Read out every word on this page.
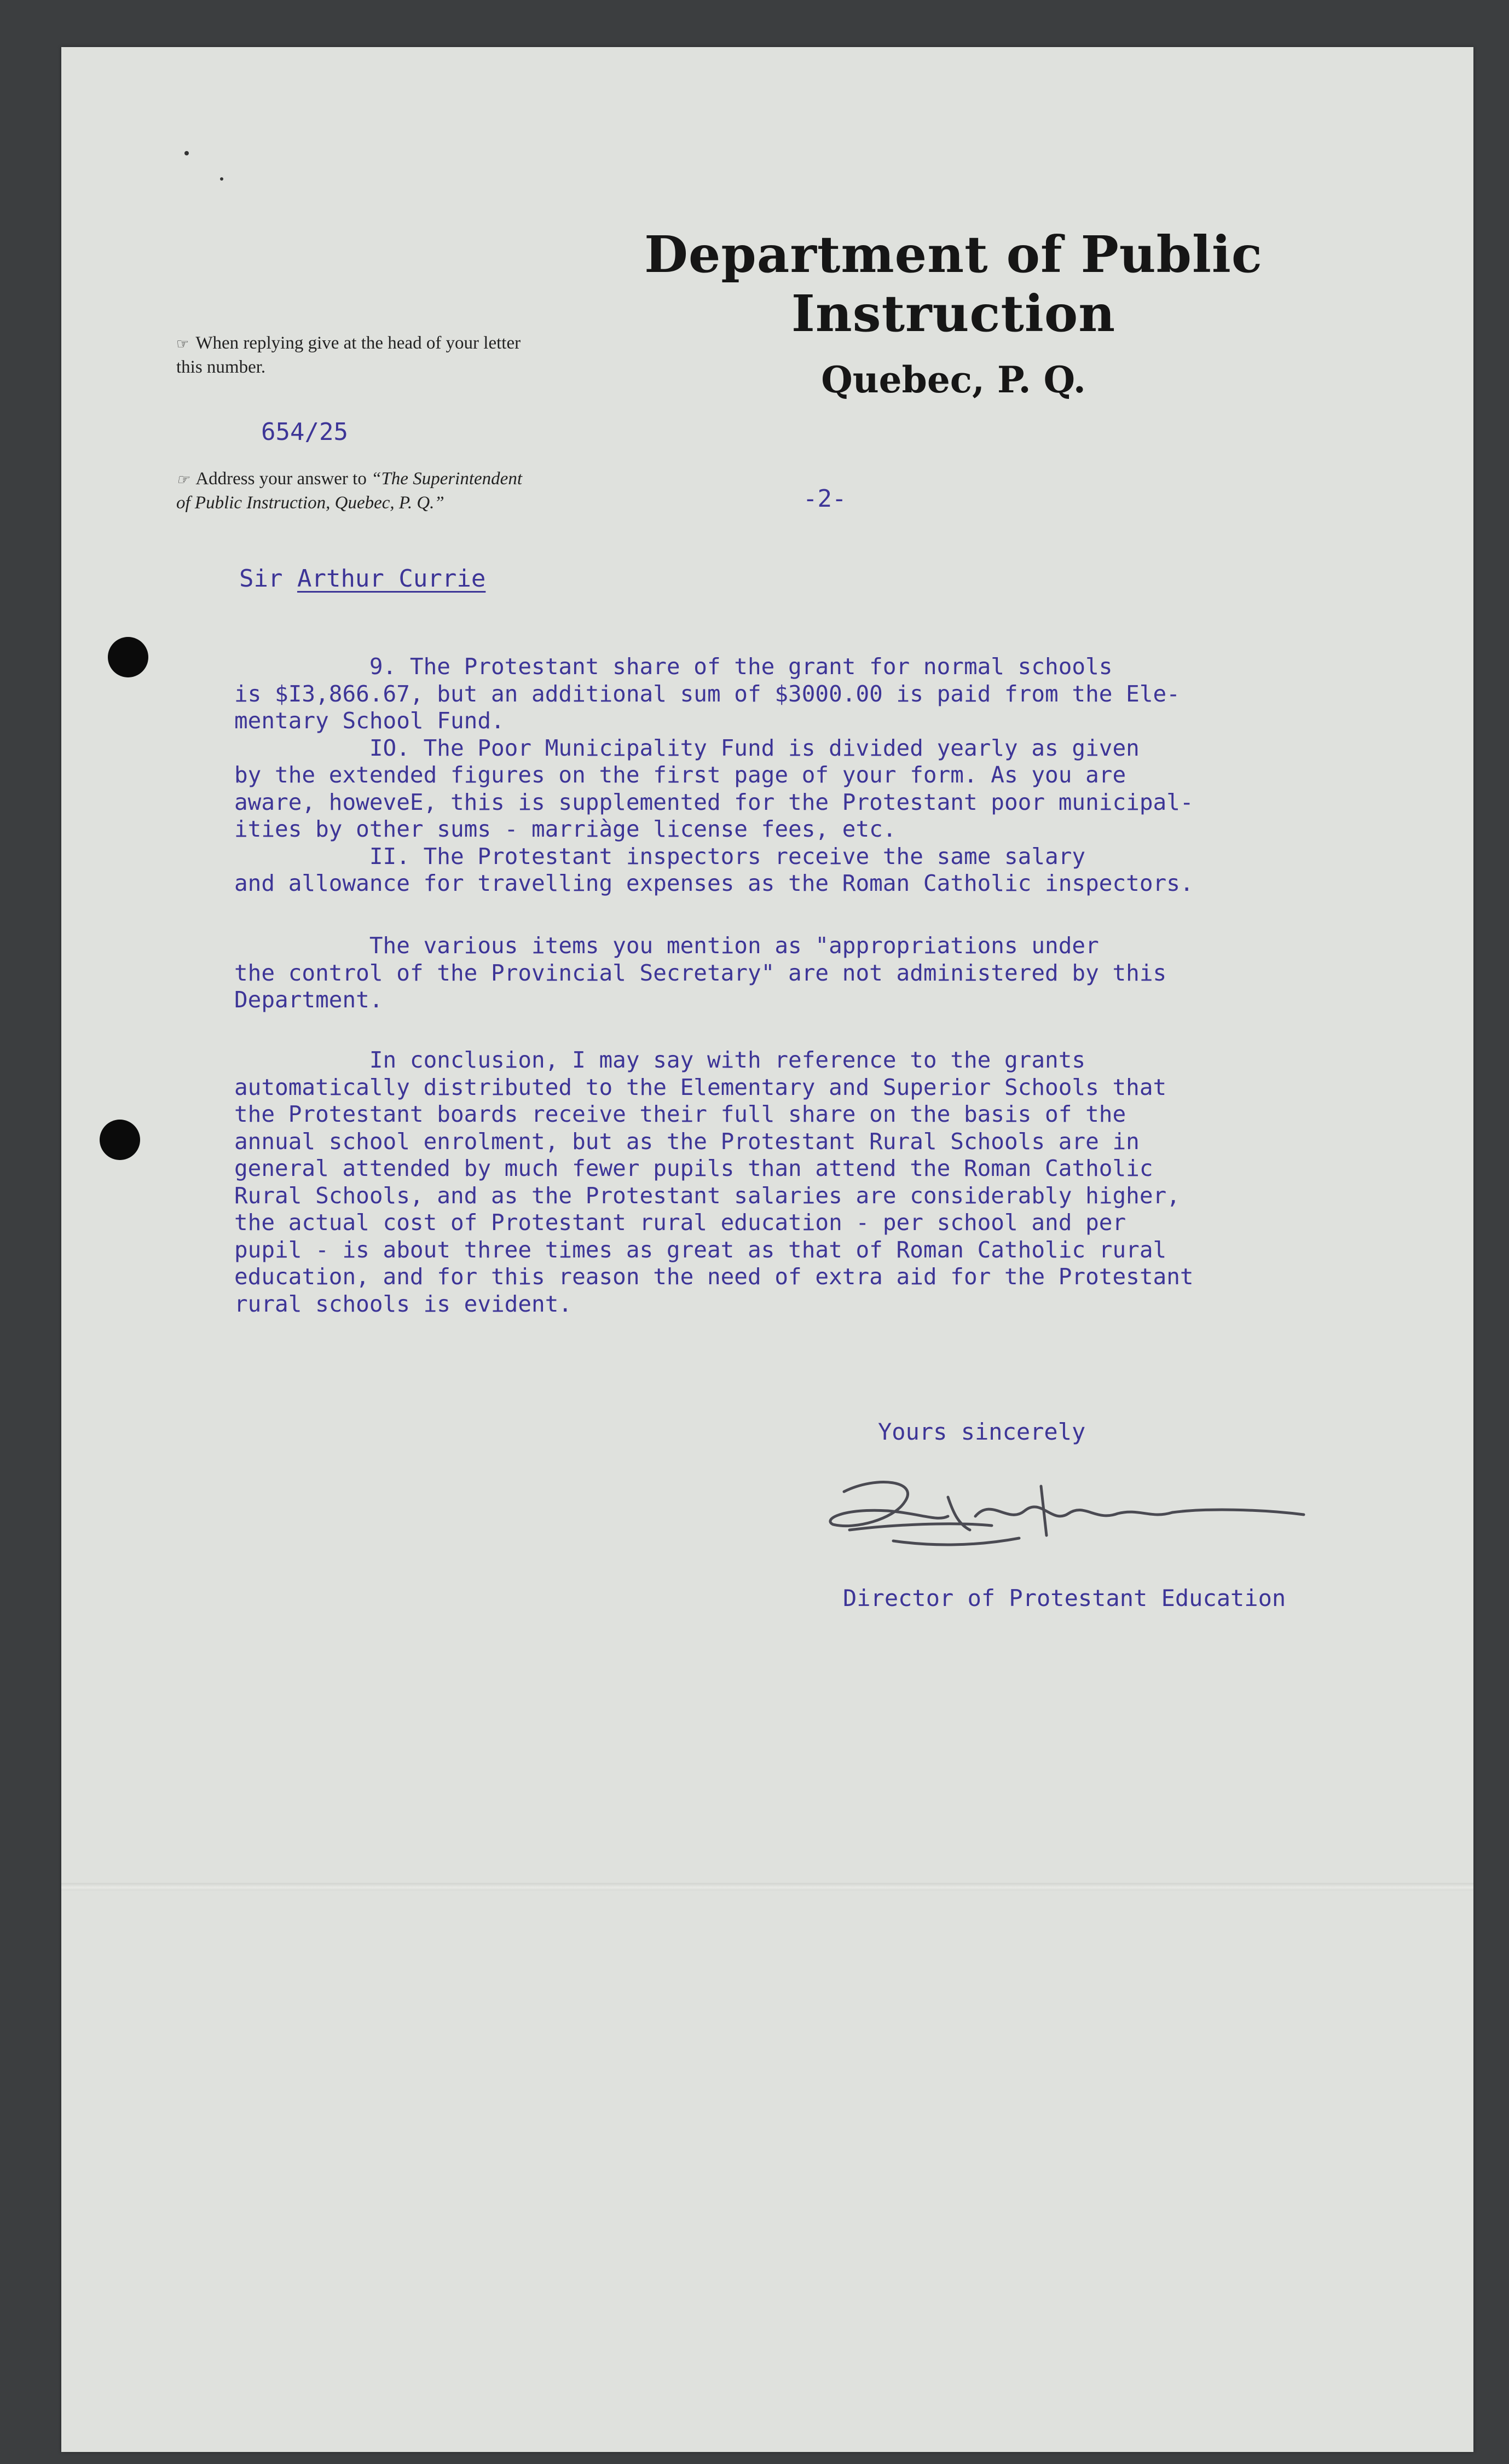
Department of Public Instruction
Quebec, P. Q.
☞ When replying give at the head of your letter this number.
654/25
☞ Address your answer to “The Superintendent of Public Instruction, Quebec, P. Q.”	-2-
Sir Arthur Currie
9. The Protestant share of the grant for normal schools
is $I3,866.67, but an additional sum of $3000.00 is paid from the Ele-
mentary School Fund.
IO. The Poor Municipality Fund is divided yearly as given
by the extended figures on the first page of your form. As you are
aware, howeveE, this is supplemented for the Protestant poor municipal-
ities by other sums - marriàge license fees, etc.
II. The Protestant inspectors receive the same salary
and allowance for travelling expenses as the Roman Catholic inspectors.
The various items you mention as "appropriations under
the control of the Provincial Secretary" are not administered by this
Department.
In conclusion, I may say with reference to the grants
automatically distributed to the Elementary and Superior Schools that
the Protestant boards receive their full share on the basis of the
annual school enrolment, but as the Protestant Rural Schools are in
general attended by much fewer pupils than attend the Roman Catholic
Rural Schools, and as the Protestant salaries are considerably higher,
the actual cost of Protestant rural education - per school and per
pupil - is about three times as great as that of Roman Catholic rural
education, and for this reason the need of extra aid for the Protestant
rural schools is evident.
Yours sincerely
Director of Protestant Education
